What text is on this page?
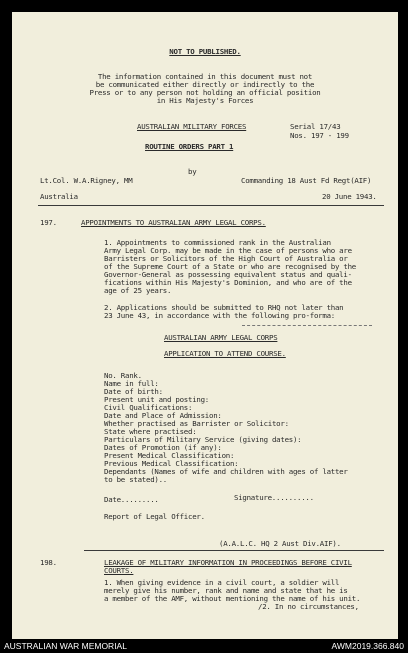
NOT TO PUBLISHED.
The information contained in this document must not
be communicated either directly or indirectly to the
Press or to any person not holding an official position
in His Majesty's Forces
AUSTRALIAN MILITARY FORCES	Serial 17/43
Nos. 197 - 199
ROUTINE ORDERS PART 1
by
Lt.Col. W.A.Rigney, MM	Commanding 18 Aust Fd Regt(AIF)
Australia	20 June 1943.
197.	APPOINTMENTS TO AUSTRALIAN ARMY LEGAL CORPS.
1. Appointments to commissioned rank in the Australian
Army Legal Corp. may be made in the case of persons who are
Barristers or Solicitors of the High Court of Australia or
of the Supreme Court of a State or who are recognised by the
Governor-General as possessing equivalent status and quali-
fications within His Majesty's Dominion, and who are of the
age of 25 years.
2. Applications should be submitted to RHQ not later than
23 June 43, in accordance with the following pro-forma:
AUSTRALIAN ARMY LEGAL CORPS
APPLICATION TO ATTEND COURSE.
No. Rank.
Name in full:
Date of birth:
Present unit and posting:
Civil Qualifications:
Date and Place of Admission:
Whether practised as Barrister or Solicitor:
State where practised:
Particulars of Military Service (giving dates):
Dates of Promotion (if any):
Present Medical Classification:
Previous Medical Classification:
Dependants (Names of wife and children with ages of latter
to be stated)..
Date.........	Signature..........
Report of Legal Officer.
(A.A.L.C. HQ 2 Aust Div.AIF).
198.	LEAKAGE OF MILITARY INFORMATION IN PROCEEDINGS BEFORE CIVIL
COURTS.
1. When giving evidence in a civil court, a soldier will
merely give his number, rank and name and state that he is
a member of the AMF, without mentioning the name of his unit.
/2. In no circumstances,
AUSTRALIAN WAR MEMORIAL	AWM2019.366.840
